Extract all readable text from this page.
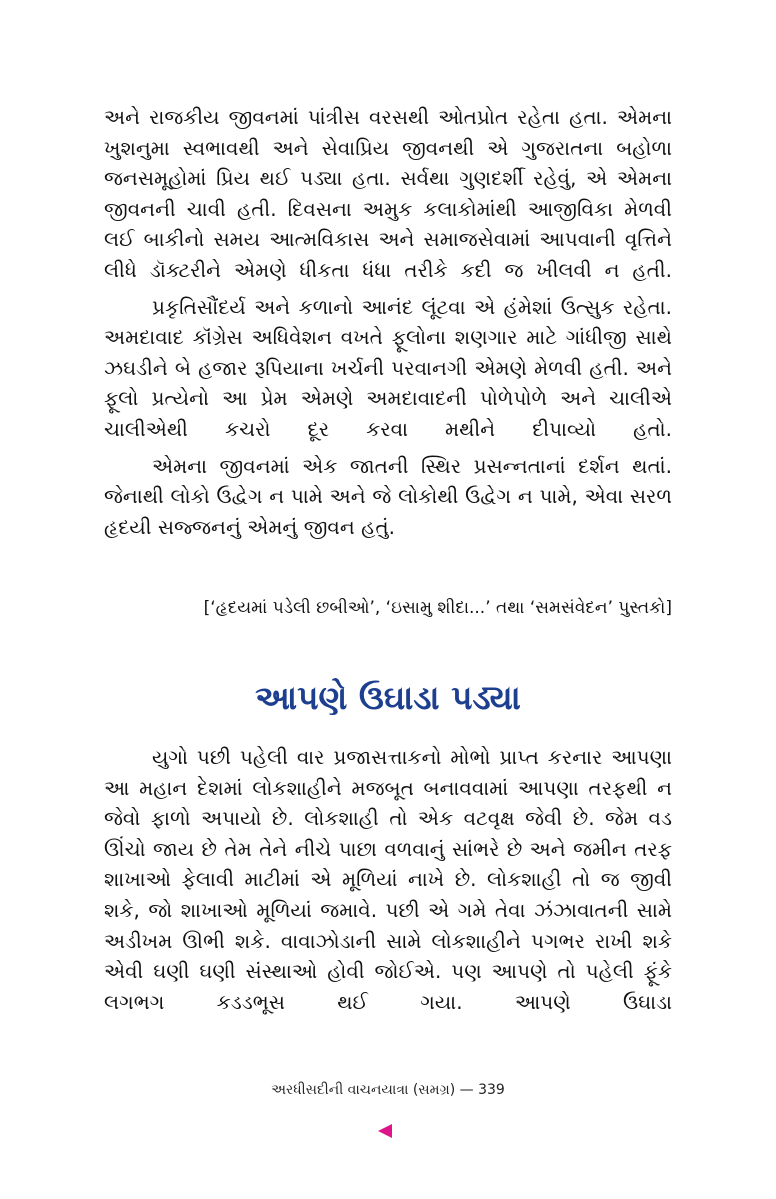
અને રાજકીય જીવનમાં પાંત્રીસ વરસથી ઓતપ્રોત રહેતા હતા. એમના ખુશનુમા સ્વભાવથી અને સેવાપ્રિય જીવનથી એ ગુજરાતના બહોળા જનસમૂહોમાં પ્રિય થઈ પડ્યા હતા. સર્વથા ગુણદર્શી રહેવું, એ એમના જીવનની ચાવી હતી. દિવસના અમુક કલાકોમાંથી આજીવિકા મેળવી લઈ બાકીનો સમય આત્મવિકાસ અને સમાજસેવામાં આપવાની વૃત્તિને લીધે ડૉક્ટરીને એમણે ધીકતા ધંધા તરીકે કદી જ ખીલવી ન હતી.

પ્રકૃતિસૌંદર્ય અને કળાનો આનંદ લૂંટવા એ હંમેશાં ઉત્સુક રહેતા. અમદાવાદ કૉંગ્રેસ અધિવેશન વખતે ફૂલોના શણગાર માટે ગાંધીજી સાથે ઝઘડીને બે હજાર રૂપિયાના ખર્ચની પરવાનગી એમણે મેળવી હતી. અને ફૂલો પ્રત્યેનો આ પ્રેમ એમણે અમદાવાદની પોળેપોળે અને ચાલીએ ચાલીએથી કચરો દૂર કરવા મથીને દીપાવ્યો હતો.

એમના જીવનમાં એક જાતની સ્થિર પ્રસન્નતાનાં દર્શન થતાં. જેનાથી લોકો ઉદ્વેગ ન પામે અને જે લોકોથી ઉદ્વેગ ન પામે, એવા સરળ હૃદયી સજ્જનનું એમનું જીવન હતું.

[‘હૃદયમાં પડેલી છબીઓ’, ‘ઇસામુ શીદા...’ તથા ‘સમસંવેદન’ પુસ્તકો]
આપણે ઉઘાડા પડ્યા

યુગો પછી પહેલી વાર પ્રજાસત્તાકનો મોભો પ્રાપ્ત કરનાર આપણા આ મહાન દેશમાં લોકશાહીને મજબૂત બનાવવામાં આપણા તરફથી ન જેવો ફાળો અપાયો છે. લોકશાહી તો એક વટવૃક્ષ જેવી છે. જેમ વડ ઊંચો જાય છે તેમ તેને નીચે પાછા વળવાનું સાંભરે છે અને જમીન તરફ શાખાઓ ફેલાવી માટીમાં એ મૂળિયાં નાખે છે. લોકશાહી તો જ જીવી શકે, જો શાખાઓ મૂળિયાં જમાવે. પછી એ ગમે તેવા ઝંઝાવાતની સામે અડીખમ ઊભી શકે. વાવાઝોડાની સામે લોકશાહીને પગભર રાખી શકે એવી ઘણી ઘણી સંસ્થાઓ હોવી જોઈએ. પણ આપણે તો પહેલી ફૂંકે લગભગ કડડભૂસ થઈ ગયા. આપણે ઉઘાડા

અરધીસદીની વાચનયાત્રા (સમગ્ર) — 339
